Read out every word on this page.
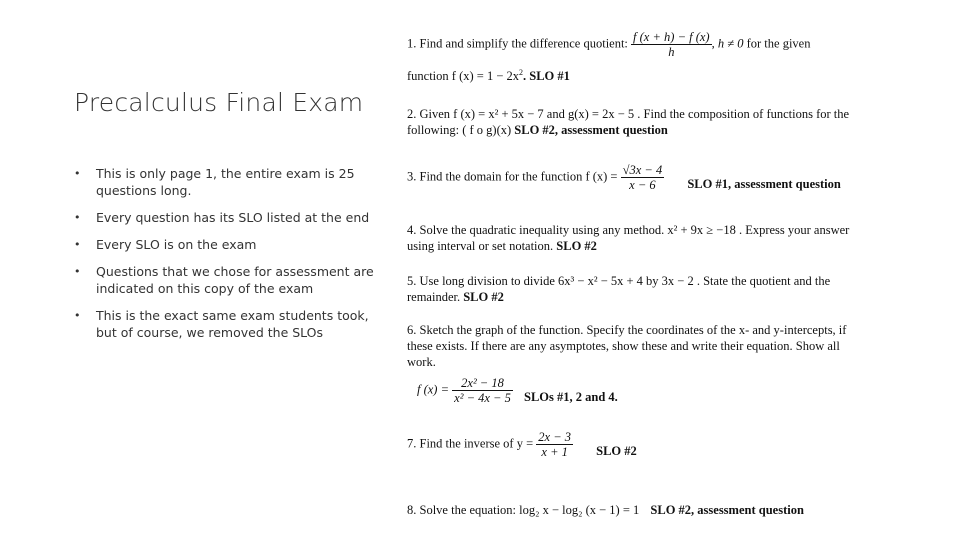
Precalculus Final Exam
• This is only page 1, the entire exam is 25 questions long.
• Every question has its SLO listed at the end
• Every SLO is on the exam
• Questions that we chose for assessment are indicated on this copy of the exam
• This is the exact same exam students took, but of course, we removed the SLOs
1. Find and simplify the difference quotient: $\frac{f (x + h) - f (x)}{h}$ , h ≠ 0 for the given
function f $(x) = 1 - 2x^2$. SLO #1
2. Given f (x) = x² + 5x − 7 and g(x) = 2x − 5 . Find the composition of functions for the
following: ( f o g)(x) SLO #2, assessment question
3. Find the domain for the function f $(x) = \frac{√3x - 4}{x - 6}$ SLO #1, assessment question
4. Solve the quadratic inequality using any method. x² + 9x ≥ −18 . Express your answer
using interval or set notation. SLO #2
5. Use long division to divide 6x³ − x² − 5x + 4 by 3x − 2 . State the quotient and the
remainder. SLO #2
6. Sketch the graph of the function. Specify the coordinates of the x- and y-intercepts, if
these exists. If there are any asymptotes, show these and write their equation. Show all
work.
f $(x) = \frac{\text{2x² − 18}}{\text{x² − 4x − 5}}$ SLOs #1, 2 and 4.
7. Find the inverse of $y = \frac{2x - 3}{x + 1}$ SLO #2
8. Solve the equation: log₂ x − log₂ (x − 1) = 1 SLO #2, assessment question
